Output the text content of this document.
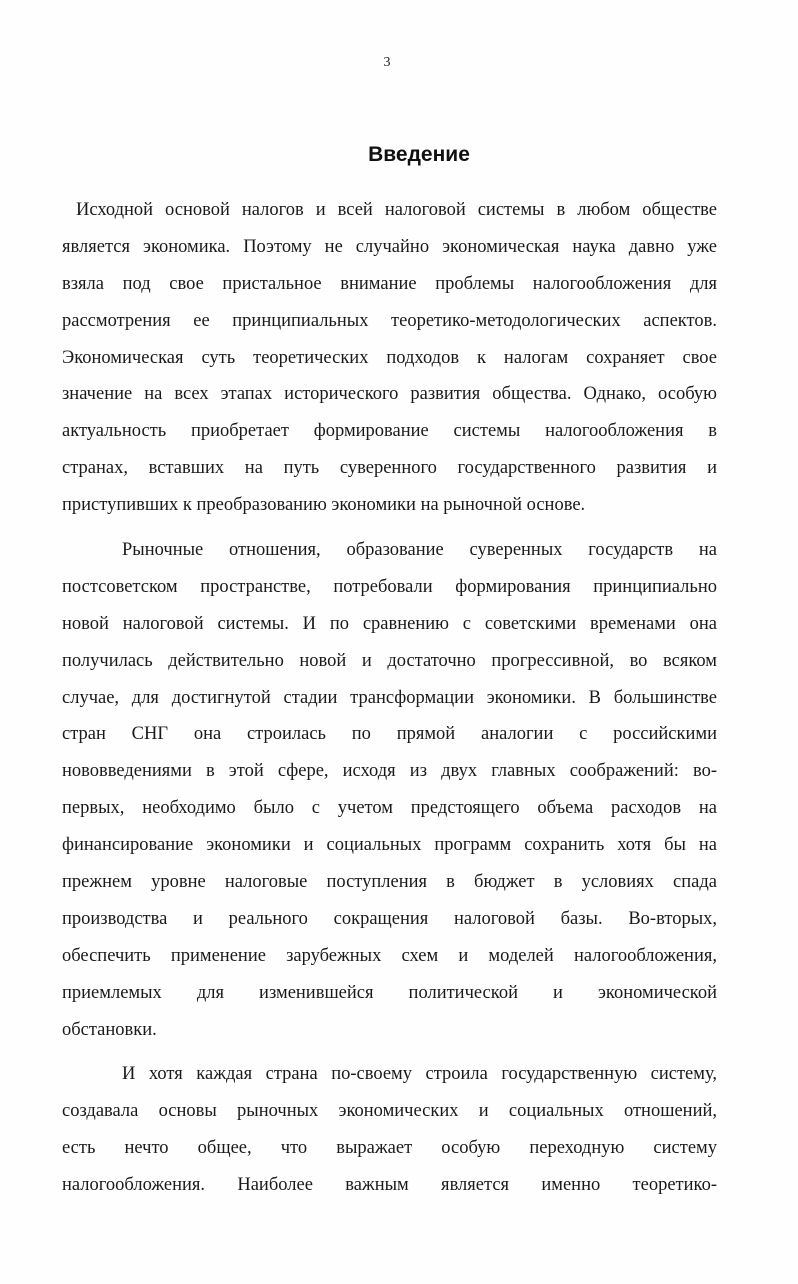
3
Введение
Исходной основой налогов и всей налоговой системы в любом обществе
является экономика. Поэтому не случайно экономическая наука давно уже
взяла под свое пристальное внимание проблемы налогообложения для
рассмотрения ее принципиальных теоретико-методологических аспектов.
Экономическая суть теоретических подходов к налогам сохраняет свое
значение на всех этапах исторического развития общества. Однако, особую
актуальность приобретает формирование системы налогообложения в
странах, вставших на путь суверенного государственного развития и
приступивших к преобразованию экономики на рыночной основе.
Рыночные отношения, образование суверенных государств на
постсоветском пространстве, потребовали формирования принципиально
новой налоговой системы. И по сравнению с советскими временами она
получилась действительно новой и достаточно прогрессивной, во всяком
случае, для достигнутой стадии трансформации экономики. В большинстве
стран СНГ она строилась по прямой аналогии с российскими
нововведениями в этой сфере, исходя из двух главных соображений: во-
первых, необходимо было с учетом предстоящего объема расходов на
финансирование экономики и социальных программ сохранить хотя бы на
прежнем уровне налоговые поступления в бюджет в условиях спада
производства и реального сокращения налоговой базы. Во-вторых,
обеспечить применение зарубежных схем и моделей налогообложения,
приемлемых для изменившейся политической и экономической
обстановки.
И хотя каждая страна по-своему строила государственную систему,
создавала основы рыночных экономических и социальных отношений,
есть нечто общее, что выражает особую переходную систему
налогообложения. Наиболее важным является именно теоретико-
